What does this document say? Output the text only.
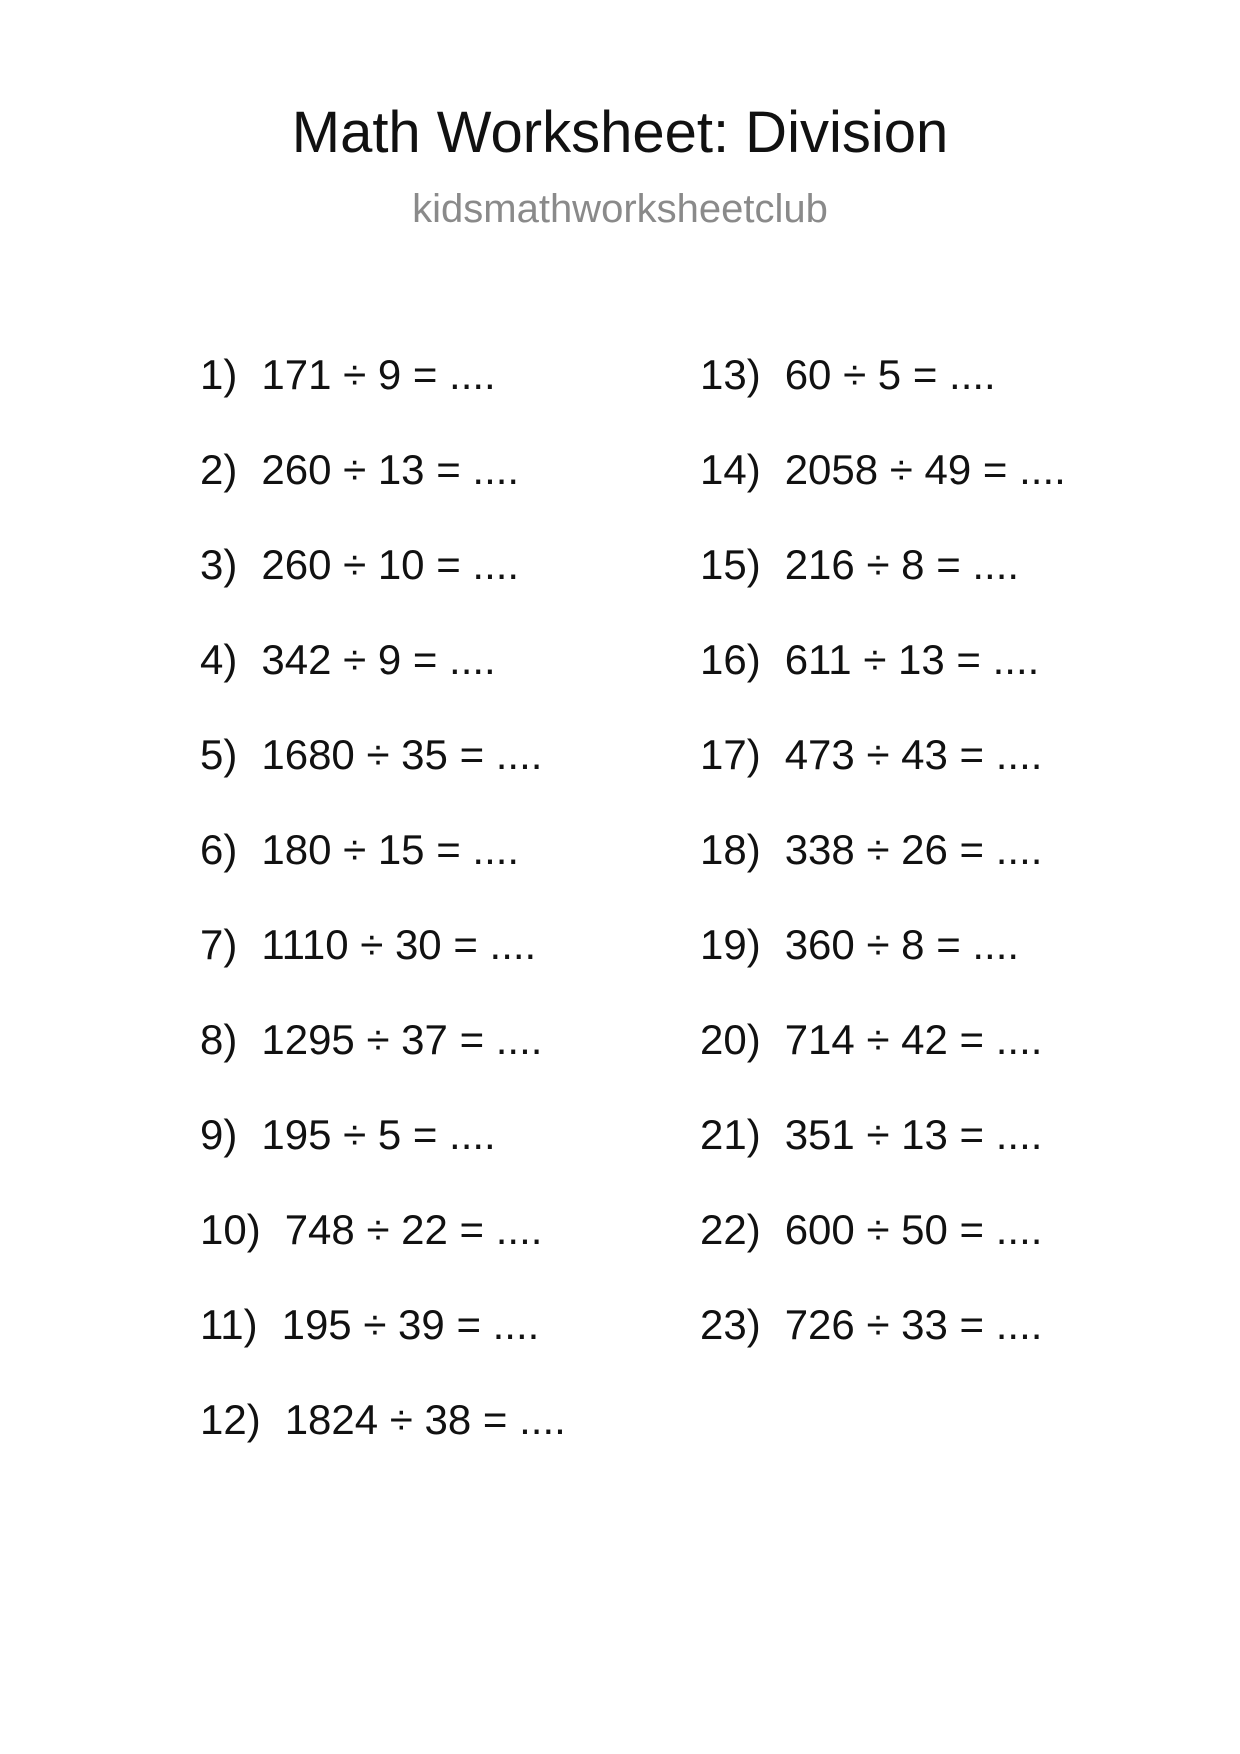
Math Worksheet: Division
kidsmathworksheetclub
1) 171 ÷ 9 = ....
2) 260 ÷ 13 = ....
3) 260 ÷ 10 = ....
4) 342 ÷ 9 = ....
5) 1680 ÷ 35 = ....
6) 180 ÷ 15 = ....
7) 1110 ÷ 30 = ....
8) 1295 ÷ 37 = ....
9) 195 ÷ 5 = ....
10) 748 ÷ 22 = ....
11) 195 ÷ 39 = ....
12) 1824 ÷ 38 = ....
13) 60 ÷ 5 = ....
14) 2058 ÷ 49 = ....
15) 216 ÷ 8 = ....
16) 611 ÷ 13 = ....
17) 473 ÷ 43 = ....
18) 338 ÷ 26 = ....
19) 360 ÷ 8 = ....
20) 714 ÷ 42 = ....
21) 351 ÷ 13 = ....
22) 600 ÷ 50 = ....
23) 726 ÷ 33 = ....
